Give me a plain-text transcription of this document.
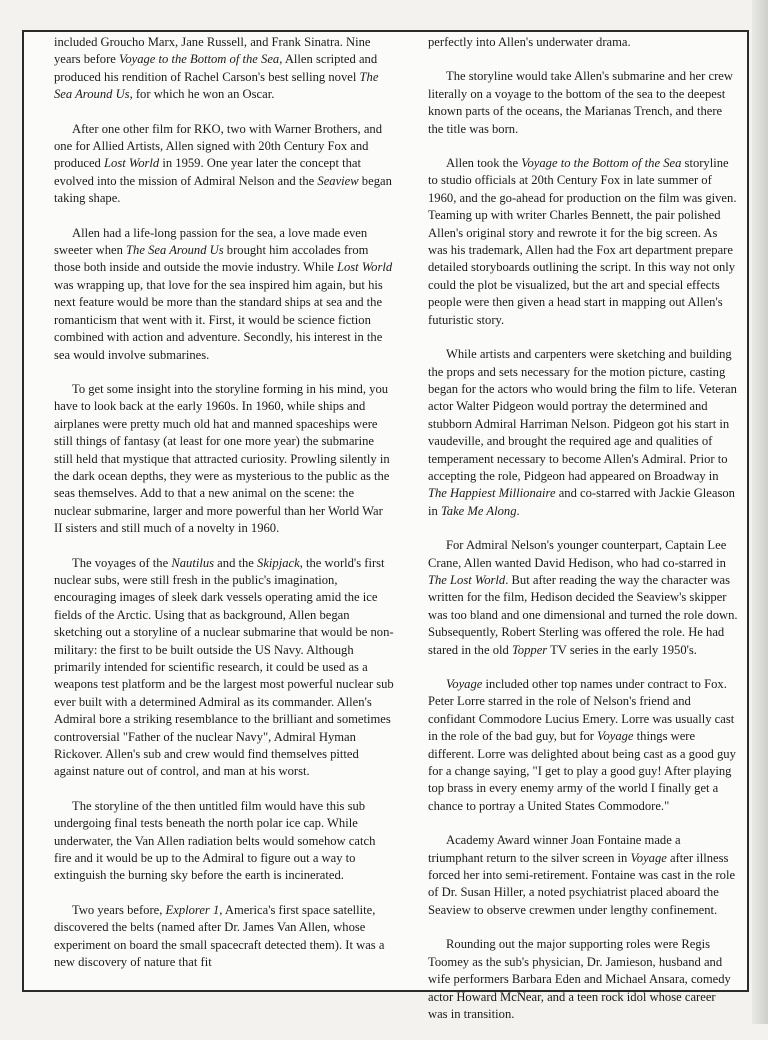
included Groucho Marx, Jane Russell, and Frank Sinatra. Nine years before Voyage to the Bottom of the Sea, Allen scripted and produced his rendition of Rachel Carson's best selling novel The Sea Around Us, for which he won an Oscar.

After one other film for RKO, two with Warner Brothers, and one for Allied Artists, Allen signed with 20th Century Fox and produced Lost World in 1959. One year later the concept that evolved into the mission of Admiral Nelson and the Seaview began taking shape.

Allen had a life-long passion for the sea, a love made even sweeter when The Sea Around Us brought him accolades from those both inside and outside the movie industry. While Lost World was wrapping up, that love for the sea inspired him again, but his next feature would be more than the standard ships at sea and the romanticism that went with it. First, it would be science fiction combined with action and adventure. Secondly, his interest in the sea would involve submarines.

To get some insight into the storyline forming in his mind, you have to look back at the early 1960s. In 1960, while ships and airplanes were pretty much old hat and manned spaceships were still things of fantasy (at least for one more year) the submarine still held that mystique that attracted curiosity. Prowling silently in the dark ocean depths, they were as mysterious to the public as the seas themselves. Add to that a new animal on the scene: the nuclear submarine, larger and more powerful than her World War II sisters and still much of a novelty in 1960.

The voyages of the Nautilus and the Skipjack, the world's first nuclear subs, were still fresh in the public's imagination, encouraging images of sleek dark vessels operating amid the ice fields of the Arctic. Using that as background, Allen began sketching out a storyline of a nuclear submarine that would be non-military: the first to be built outside the US Navy. Although primarily intended for scientific research, it could be used as a weapons test platform and be the largest most powerful nuclear sub ever built with a determined Admiral as its commander. Allen's Admiral bore a striking resemblance to the brilliant and sometimes controversial "Father of the nuclear Navy", Admiral Hyman Rickover. Allen's sub and crew would find themselves pitted against nature out of control, and man at his worst.

The storyline of the then untitled film would have this sub undergoing final tests beneath the north polar ice cap. While underwater, the Van Allen radiation belts would somehow catch fire and it would be up to the Admiral to figure out a way to extinguish the burning sky before the earth is incinerated.

Two years before, Explorer 1, America's first space satellite, discovered the belts (named after Dr. James Van Allen, whose experiment on board the small spacecraft detected them). It was a new discovery of nature that fit

perfectly into Allen's underwater drama.

The storyline would take Allen's submarine and her crew literally on a voyage to the bottom of the sea to the deepest known parts of the oceans, the Marianas Trench, and there the title was born.

Allen took the Voyage to the Bottom of the Sea storyline to studio officials at 20th Century Fox in late summer of 1960, and the go-ahead for production on the film was given. Teaming up with writer Charles Bennett, the pair polished Allen's original story and rewrote it for the big screen. As was his trademark, Allen had the Fox art department prepare detailed storyboards outlining the script. In this way not only could the plot be visualized, but the art and special effects people were then given a head start in mapping out Allen's futuristic story.

While artists and carpenters were sketching and building the props and sets necessary for the motion picture, casting began for the actors who would bring the film to life. Veteran actor Walter Pidgeon would portray the determined and stubborn Admiral Harriman Nelson. Pidgeon got his start in vaudeville, and brought the required age and qualities of temperament necessary to become Allen's Admiral. Prior to accepting the role, Pidgeon had appeared on Broadway in The Happiest Millionaire and co-starred with Jackie Gleason in Take Me Along.

For Admiral Nelson's younger counterpart, Captain Lee Crane, Allen wanted David Hedison, who had co-starred in The Lost World. But after reading the way the character was written for the film, Hedison decided the Seaview's skipper was too bland and one dimensional and turned the role down. Subsequently, Robert Sterling was offered the role. He had stared in the old Topper TV series in the early 1950's.

Voyage included other top names under contract to Fox. Peter Lorre starred in the role of Nelson's friend and confidant Commodore Lucius Emery. Lorre was usually cast in the role of the bad guy, but for Voyage things were different. Lorre was delighted about being cast as a good guy for a change saying, "I get to play a good guy! After playing top brass in every enemy army of the world I finally get a chance to portray a United States Commodore."

Academy Award winner Joan Fontaine made a triumphant return to the silver screen in Voyage after illness forced her into semi-retirement. Fontaine was cast in the role of Dr. Susan Hiller, a noted psychiatrist placed aboard the Seaview to observe crewmen under lengthy confinement.

Rounding out the major supporting roles were Regis Toomey as the sub's physician, Dr. Jamieson, husband and wife performers Barbara Eden and Michael Ansara, comedy actor Howard McNear, and a teen rock idol whose career was in transition.
